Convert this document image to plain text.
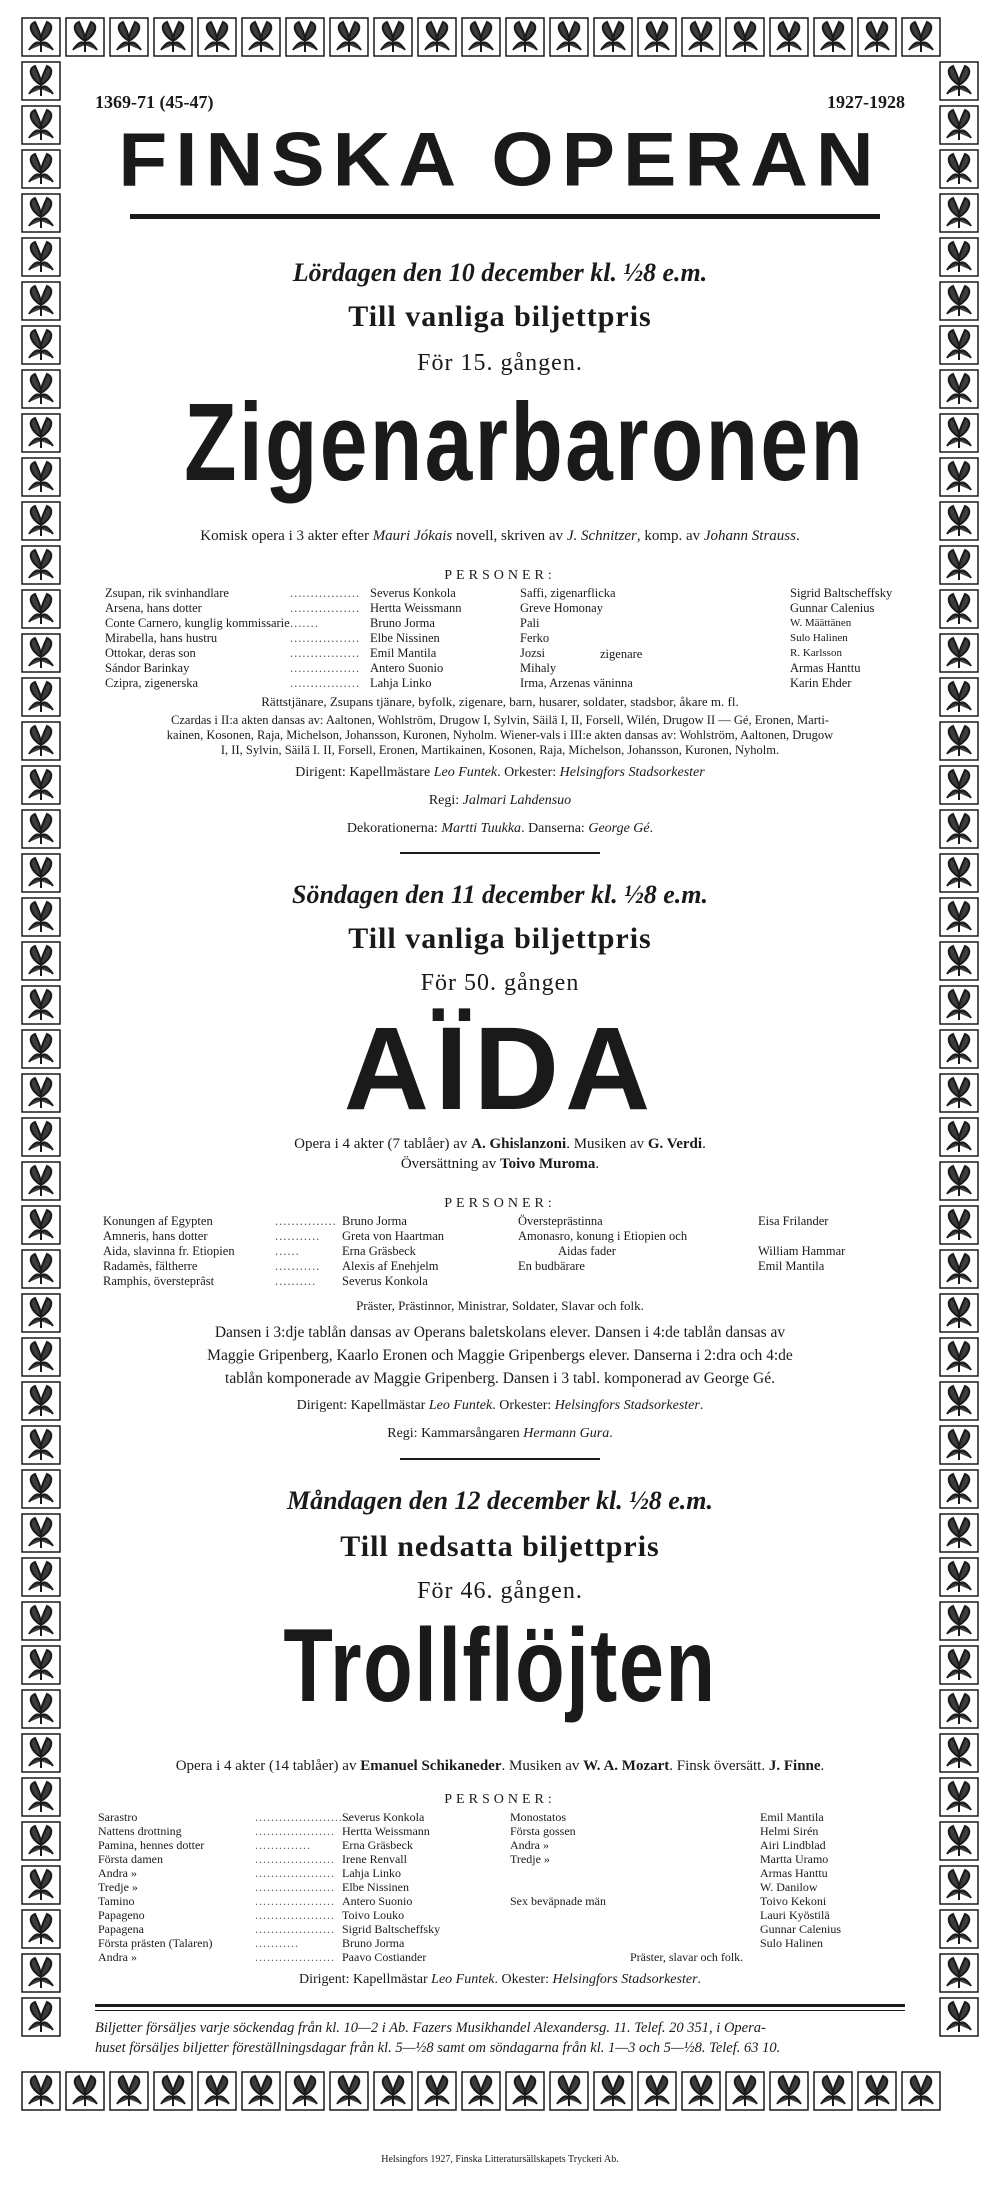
1369-71 (45-47)	1927-1928
FINSKA OPERAN
Lördagen den 10 december kl. ½8 e.m.
Till vanliga biljettpris
För 15. gången.
Zigenarbaronen
Komisk opera i 3 akter efter Mauri Jókais novell, skriven av J. Schnitzer, komp. av Johann Strauss.
PERSONER:
Zsupan, rik svinhandlare
Arsena, hans dotter
Conte Carnero, kunglig kommissarie
Mirabella, hans hustru
Ottokar, deras son
Sándor Barinkay
Czipra, zigenerska
.................
.................
.......
.................
.................
.................
.................
Severus Konkola
Hertta Weissmann
Bruno Jorma
Elbe Nissinen
Emil Mantila
Antero Suonio
Lahja Linko
Saffi, zigenarflicka
Greve Homonay
Pali
Ferko
Jozsi
Mihaly
Irma, Arzenas väninna
zigenare
Sigrid Baltscheffsky
Gunnar Calenius
W. Määttänen
Sulo Halinen
R. Karlsson
Armas Hanttu
Karin Ehder
Rättstjänare, Zsupans tjänare, byfolk, zigenare, barn, husarer, soldater, stadsbor, åkare m. fl.
Czardas i II:a akten dansas av: Aaltonen, Wohlström, Drugow I, Sylvin, Säilä I, II, Forsell, Wilén, Drugow II — Gé, Eronen, Marti-
kainen, Kosonen, Raja, Michelson, Johansson, Kuronen, Nyholm. Wiener-vals i III:e akten dansas av: Wohlström, Aaltonen, Drugow
I, II, Sylvin, Säilä I. II, Forsell, Eronen, Martikainen, Kosonen, Raja, Michelson, Johansson, Kuronen, Nyholm.
Dirigent: Kapellmästare Leo Funtek. Orkester: Helsingfors Stadsorkester
Regi: Jalmari Lahdensuo
Dekorationerna: Martti Tuukka. Danserna: George Gé.
Söndagen den 11 december kl. ½8 e.m.
Till vanliga biljettpris
För 50. gången
AÏDA
Opera i 4 akter (7 tablåer) av A. Ghislanzoni. Musiken av G. Verdi.
Översättning av Toivo Muroma.
PERSONER:
Konungen af Egypten
Amneris, hans dotter
Aida, slavinna fr. Etiopien
Radamès, fältherre
Ramphis, översteprâst
...............
...........
......
...........
..........
Bruno Jorma
Greta von Haartman
Erna Gräsbeck
Alexis af Enehjelm
Severus Konkola
Översteprästinna
Amonasro, konung i Etiopien och
Aidas fader
En budbärare
Eisa Frilander
William Hammar
Emil Mantila
Präster, Prästinnor, Ministrar, Soldater, Slavar och folk.
Dansen i 3:dje tablån dansas av Operans baletskolans elever. Dansen i 4:de tablån dansas av
Maggie Gripenberg, Kaarlo Eronen och Maggie Gripenbergs elever. Danserna i 2:dra och 4:de
tablån komponerade av Maggie Gripenberg. Dansen i 3 tabl. komponerad av George Gé.
Dirigent: Kapellmästar Leo Funtek. Orkester: Helsingfors Stadsorkester.
Regi: Kammarsångaren Hermann Gura.
Måndagen den 12 december kl. ½8 e.m.
Till nedsatta biljettpris
För 46. gången.
Trollflöjten
Opera i 4 akter (14 tablåer) av Emanuel Schikaneder. Musiken av W. A. Mozart. Finsk översätt. J. Finne.
PERSONER:
Sarastro
Nattens drottning
Pamina, hennes dotter
Första damen
Andra »
Tredje »
Tamino
Papageno
Papagena
Första prästen (Talaren)
Andra »
........................
....................
..............
....................
....................
....................
....................
....................
....................
...........
....................
Severus Konkola
Hertta Weissmann
Erna Gräsbeck
Irene Renvall
Lahja Linko
Elbe Nissinen
Antero Suonio
Toivo Louko
Sigrid Baltscheffsky
Bruno Jorma
Paavo Costiander
Monostatos
Första gossen
Andra »
Tredje »
Sex beväpnade män
Präster, slavar och folk.
Emil Mantila
Helmi Sirén
Airi Lindblad
Martta Uramo
Armas Hanttu
W. Danilow
Toivo Kekoni
Lauri Kyöstilä
Gunnar Calenius
Sulo Halinen
Dirigent: Kapellmästar Leo Funtek. Okester: Helsingfors Stadsorkester.
Biljetter försäljes varje söckendag från kl. 10—2 i Ab. Fazers Musikhandel Alexandersg. 11. Telef. 20 351, i Opera-
huset försäljes biljetter föreställningsdagar från kl. 5—½8 samt om söndagarna från kl. 1—3 och 5—½8. Telef. 63 10.
Helsingfors 1927, Finska Litteratursällskapets Tryckeri Ab.
